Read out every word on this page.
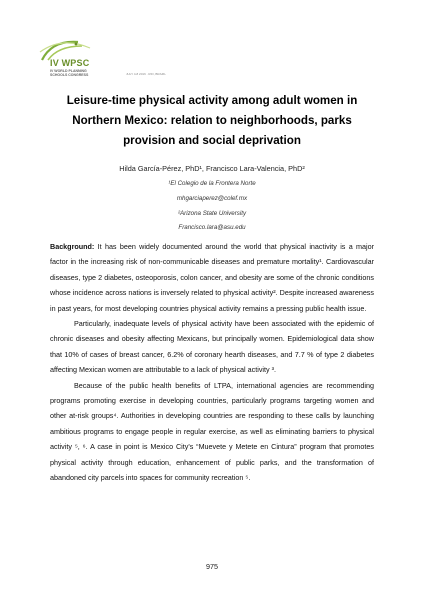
IV WPSC
IV WORLD PLANNING
SCHOOLS CONGRESS	JULY 4-8 2016 · RIO, BRAZIL
Leisure-time physical activity among adult women in Northern Mexico: relation to neighborhoods, parks provision and social deprivation
Hilda García-Pérez, PhD¹, Francisco Lara-Valencia, PhD²
¹El Colegio de la Frontera Norte
mhgarciaperez@colef.mx
²Arizona State University
Francisco.lara@asu.edu

Background: It has been widely documented around the world that physical inactivity is a major factor in the increasing risk of non-communicable diseases and premature mortality¹. Cardiovascular diseases, type 2 diabetes, osteoporosis, colon cancer, and obesity are some of the chronic conditions whose incidence across nations is inversely related to physical activity². Despite increased awareness in past years, for most developing countries physical activity remains a pressing public health issue.

Particularly, inadequate levels of physical activity have been associated with the epidemic of chronic diseases and obesity affecting Mexicans, but principally women. Epidemiological data show that 10% of cases of breast cancer, 6.2% of coronary hearth diseases, and 7.7 % of type 2 diabetes affecting Mexican women are attributable to a lack of physical activity ³.

Because of the public health benefits of LTPA, international agencies are recommending programs promoting exercise in developing countries, particularly programs targeting women and other at-risk groups⁴. Authorities in developing countries are responding to these calls by launching ambitious programs to engage people in regular exercise, as well as eliminating barriers to physical activity ⁵, ⁶. A case in point is Mexico City's “Muevete y Metete en Cintura” program that promotes physical activity through education, enhancement of public parks, and the transformation of abandoned city parcels into spaces for community recreation ⁵.

975
